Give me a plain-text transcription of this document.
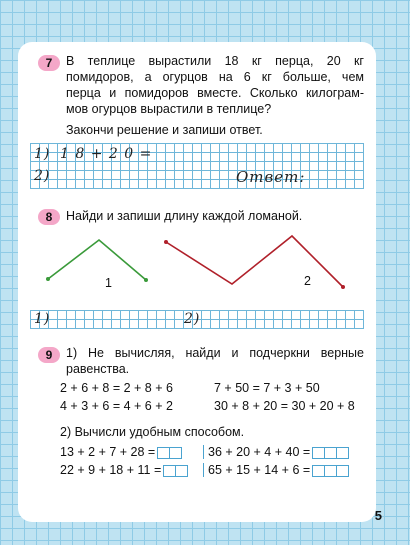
7	В теплице вырастили 18 кг перца, 20 кг
помидоров, а огурцов на 6 кг больше, чем
перца и помидоров вместе. Сколько килограм-
мов огурцов вырастили в теплице?
Закончи решение и запиши ответ.
1) 1 8 + 2 0 =
2)	Ответ:
8	Найди и запиши длину каждой ломаной.
1	2
1)	2)
9	1) Не вычисляя, найди и подчеркни верные
равенства.
2 + 6 + 8 = 2 + 8 + 6	7 + 50 = 7 + 3 + 50
4 + 3 + 6 = 4 + 6 + 2	30 + 8 + 20 = 30 + 20 + 8
2) Вычисли удобным способом.
13 + 2 + 7 + 28 =	36 + 20 + 4 + 40 =
22 + 9 + 18 + 11 =	65 + 15 + 14 + 6 =
5
